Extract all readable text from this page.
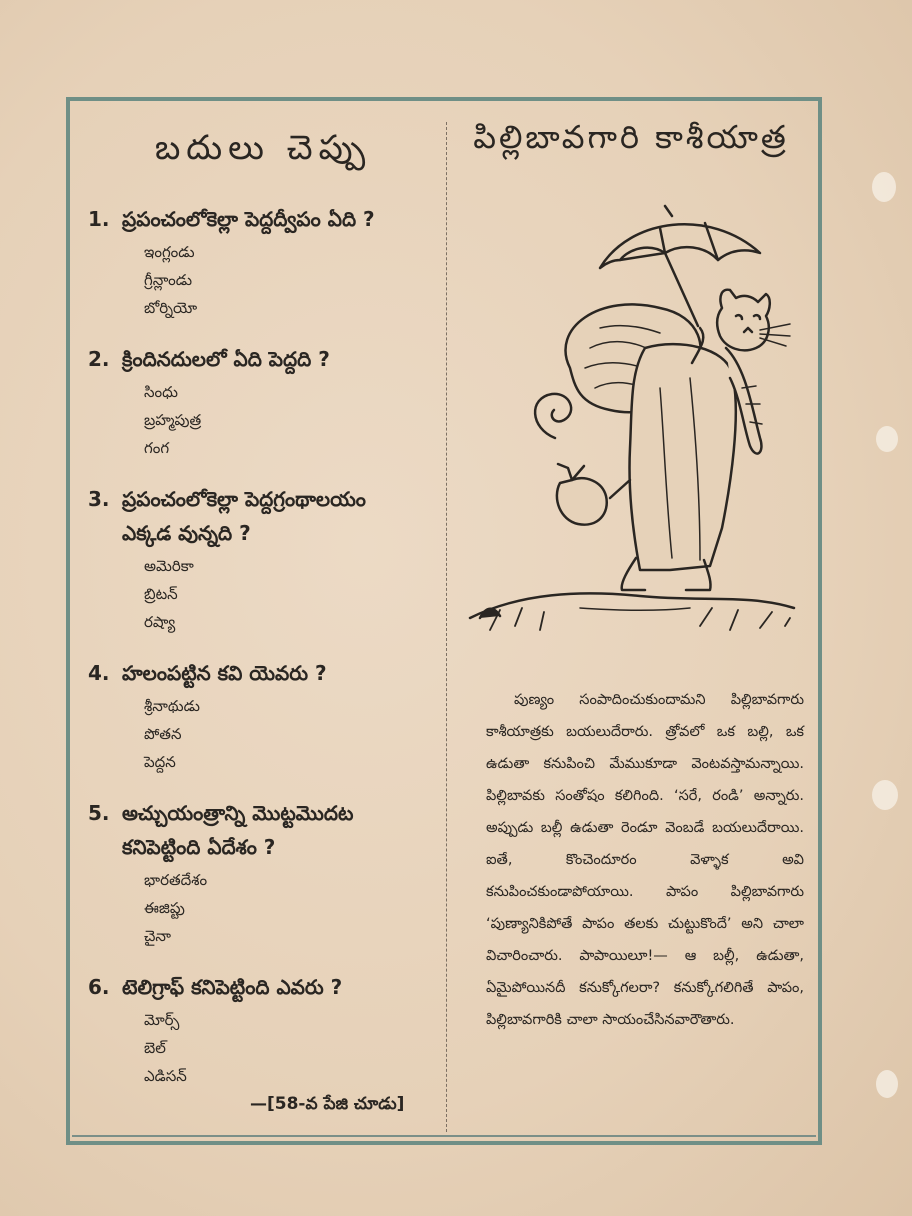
బదులు చెప్పు
1. ప్రపంచంలోకెల్లా పెద్దద్వీపం ఏది ?
ఇంగ్లండు
గ్రీన్లాండు
బోర్నియో
2. క్రిందినదులలో ఏది పెద్దది ?
సింధు
బ్రహ్మపుత్ర
గంగ
3. ప్రపంచంలోకెల్లా పెద్దగ్రంథాలయం
ఎక్కడ వున్నది ?
అమెరికా
బ్రిటన్
రష్యా
4. హలంపట్టిన కవి యెవరు ?
శ్రీనాథుడు
పోతన
పెద్దన
5. అచ్చుయంత్రాన్ని మొట్టమొదట
కనిపెట్టింది ఏదేశం ?
భారతదేశం
ఈజిప్టు
చైనా
6. టెలిగ్రాఫ్ కనిపెట్టింది ఎవరు ?
మోర్స్
బెల్
ఎడిసన్
—[58-వ పేజి చూడు]
పిల్లిబావగారి కాశీయాత్ర

పుణ్యం సంపాదించుకుందామని పిల్లిబావగారు కాశీయాత్రకు బయలుదేరారు. త్రోవలో ఒక బల్లి, ఒక ఉడుతా కనుపించి మేముకూడా వెంటవస్తామన్నాయి. పిల్లిబావకు సంతోషం కలిగింది. ‘సరే, రండి’ అన్నారు. అప్పుడు బల్లీ ఉడుతా రెండూ వెంబడే బయలుదేరాయి. ఐతే, కొంచెందూరం వెళ్ళాక అవి కనుపించకుండాపోయాయి. పాపం పిల్లిబావగారు ‘పుణ్యానికిపోతే పాపం తలకు చుట్టుకొందే’ అని చాలా విచారించారు. పాపాయిలూ!— ఆ బల్లీ, ఉడుతా, ఏమైపోయినదీ కనుక్కోగలరా? కనుక్కోగలిగితే పాపం, పిల్లిబావగారికి చాలా సాయంచేసినవారౌతారు.
